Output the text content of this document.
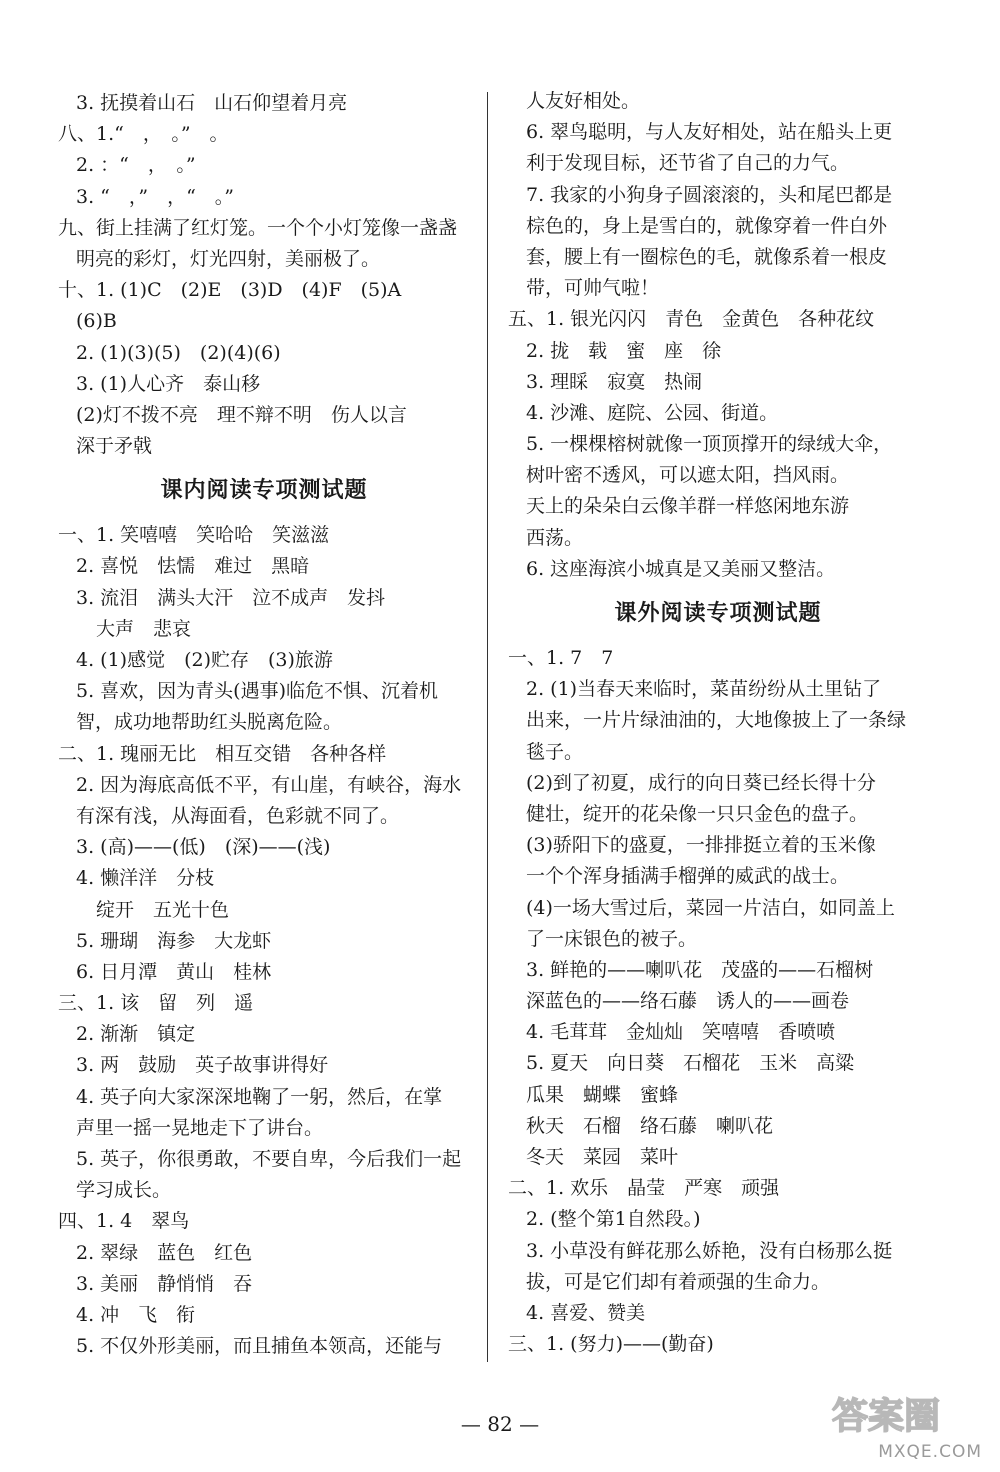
3. 抚摸着山石　山石仰望着月亮
八、1.“　，　。”　。
2. ：“　，　。”
3. “　，”　，“　。”
九、街上挂满了红灯笼。一个个小灯笼像一盏盏
明亮的彩灯，灯光四射，美丽极了。
十、1. (1)C　(2)E　(3)D　(4)F　(5)A
(6)B
2. (1)(3)(5)　(2)(4)(6)
3. (1)人心齐　泰山移
(2)灯不拨不亮　理不辩不明　伤人以言
深于矛戟
课内阅读专项测试题
一、1. 笑嘻嘻　笑哈哈　笑滋滋
2. 喜悦　怯懦　难过　黑暗
3. 流泪　满头大汗　泣不成声　发抖
大声　悲哀
4. (1)感觉　(2)贮存　(3)旅游
5. 喜欢，因为青头(遇事)临危不惧、沉着机
智，成功地帮助红头脱离危险。
二、1. 瑰丽无比　相互交错　各种各样
2. 因为海底高低不平，有山崖，有峡谷，海水
有深有浅，从海面看，色彩就不同了。
3. (高)——(低)　(深)——(浅)
4. 懒洋洋　分枝
绽开　五光十色
5. 珊瑚　海参　大龙虾
6. 日月潭　黄山　桂林
三、1. 该　留　列　遥
2. 渐渐　镇定
3. 两　鼓励　英子故事讲得好
4. 英子向大家深深地鞠了一躬，然后，在掌
声里一摇一晃地走下了讲台。
5. 英子，你很勇敢，不要自卑，今后我们一起
学习成长。
四、1. 4　翠鸟
2. 翠绿　蓝色　红色
3. 美丽　静悄悄　吞
4. 冲　飞　衔
5. 不仅外形美丽，而且捕鱼本领高，还能与
人友好相处。
6. 翠鸟聪明，与人友好相处，站在船头上更
利于发现目标，还节省了自己的力气。
7. 我家的小狗身子圆滚滚的，头和尾巴都是
棕色的，身上是雪白的，就像穿着一件白外
套，腰上有一圈棕色的毛，就像系着一根皮
带，可帅气啦！
五、1. 银光闪闪　青色　金黄色　各种花纹
2. 拢　载　蜜　座　徐
3. 理睬　寂寞　热闹
4. 沙滩、庭院、公园、街道。
5. 一棵棵榕树就像一顶顶撑开的绿绒大伞，
树叶密不透风，可以遮太阳，挡风雨。
天上的朵朵白云像羊群一样悠闲地东游
西荡。
6. 这座海滨小城真是又美丽又整洁。
课外阅读专项测试题
一、1. 7　7
2. (1)当春天来临时，菜苗纷纷从土里钻了
出来，一片片绿油油的，大地像披上了一条绿
毯子。
(2)到了初夏，成行的向日葵已经长得十分
健壮，绽开的花朵像一只只金色的盘子。
(3)骄阳下的盛夏，一排排挺立着的玉米像
一个个浑身插满手榴弹的威武的战士。
(4)一场大雪过后，菜园一片洁白，如同盖上
了一床银色的被子。
3. 鲜艳的——喇叭花　茂盛的——石榴树
深蓝色的——络石藤　诱人的——画卷
4. 毛茸茸　金灿灿　笑嘻嘻　香喷喷
5. 夏天　向日葵　石榴花　玉米　高粱
瓜果　蝴蝶　蜜蜂
秋天　石榴　络石藤　喇叭花
冬天　菜园　菜叶
二、1. 欢乐　晶莹　严寒　顽强
2. (整个第1自然段。)
3. 小草没有鲜花那么娇艳，没有白杨那么挺
拔，可是它们却有着顽强的生命力。
4. 喜爱、赞美
三、1. (努力)——(勤奋)
— 82 —	答案圈
MXQE.COM
